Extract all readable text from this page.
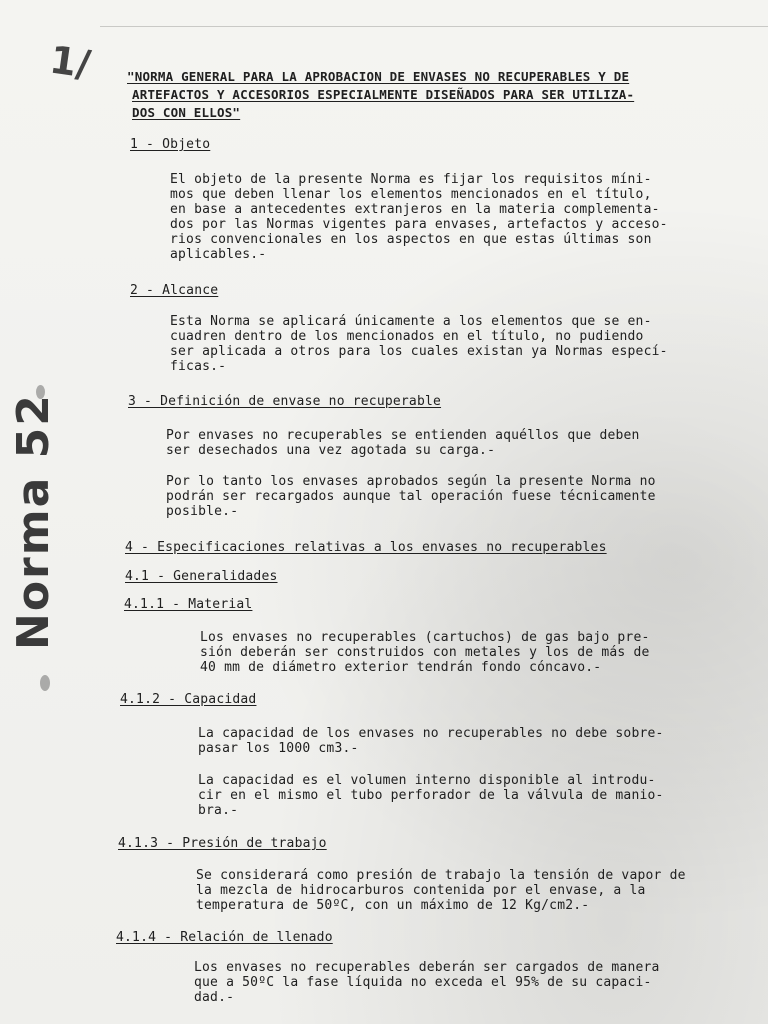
1/
Norma 52
"NORMA GENERAL PARA LA APROBACION DE ENVASES NO RECUPERABLES Y DE
ARTEFACTOS Y ACCESORIOS ESPECIALMENTE DISEÑADOS PARA SER UTILIZA-
DOS CON ELLOS"
1 - Objeto
El objeto de la presente Norma es fijar los requisitos míni-
mos que deben llenar los elementos mencionados en el título,
en base a antecedentes extranjeros en la materia complementa-
dos por las Normas vigentes para envases, artefactos y acceso-
rios convencionales en los aspectos en que estas últimas son
aplicables.-
2 - Alcance
Esta Norma se aplicará únicamente a los elementos que se en-
cuadren dentro de los mencionados en el título, no pudiendo
ser aplicada a otros para los cuales existan ya Normas especí-
ficas.-
3 - Definición de envase no recuperable
Por envases no recuperables se entienden aquéllos que deben
ser desechados una vez agotada su carga.-
Por lo tanto los envases aprobados según la presente Norma no
podrán ser recargados aunque tal operación fuese técnicamente
posible.-
4 - Especificaciones relativas a los envases no recuperables
4.1 - Generalidades
4.1.1 - Material
Los envases no recuperables (cartuchos) de gas bajo pre-
sión deberán ser construidos con metales y los de más de
40 mm de diámetro exterior tendrán fondo cóncavo.-
4.1.2 - Capacidad
La capacidad de los envases no recuperables no debe sobre-
pasar los 1000 cm3.-
La capacidad es el volumen interno disponible al introdu-
cir en el mismo el tubo perforador de la válvula de manio-
bra.-
4.1.3 - Presión de trabajo
Se considerará como presión de trabajo la tensión de vapor de
la mezcla de hidrocarburos contenida por el envase, a la
temperatura de 50ºC, con un máximo de 12 Kg/cm2.-
4.1.4 - Relación de llenado
Los envases no recuperables deberán ser cargados de manera
que a 50ºC la fase líquida no exceda el 95% de su capaci-
dad.-
